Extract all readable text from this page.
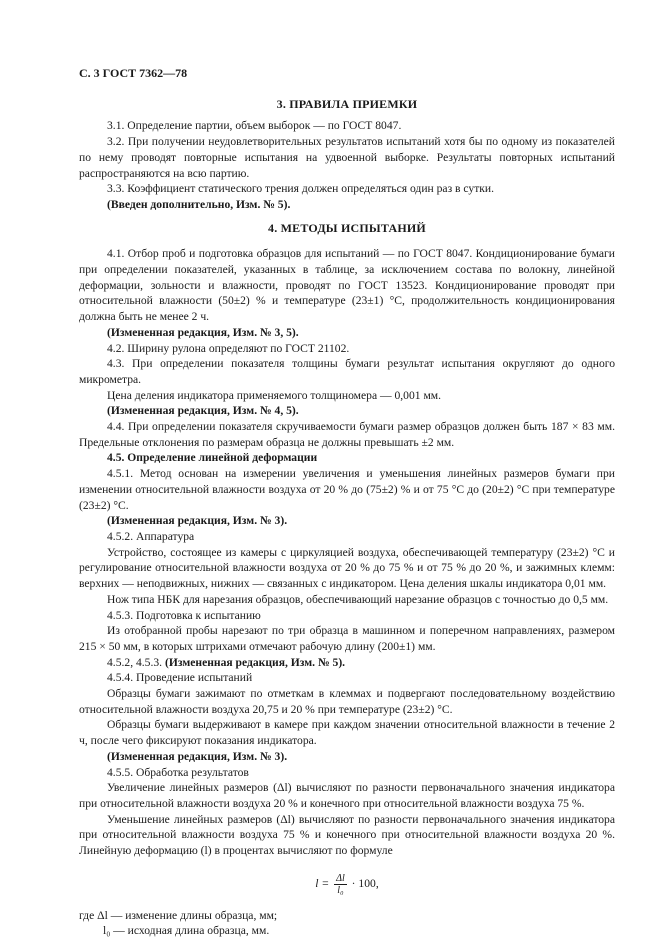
С. 3 ГОСТ 7362—78
3. ПРАВИЛА ПРИЕМКИ

3.1. Определение партии, объем выборок — по ГОСТ 8047.

3.2. При получении неудовлетворительных результатов испытаний хотя бы по одному из показателей по нему проводят повторные испытания на удвоенной выборке. Результаты повторных испытаний распространяются на всю партию.

3.3. Коэффициент статического трения должен определяться один раз в сутки.

(Введен дополнительно, Изм. № 5).

4. МЕТОДЫ ИСПЫТАНИЙ

4.1. Отбор проб и подготовка образцов для испытаний — по ГОСТ 8047. Кондиционирование бумаги при определении показателей, указанных в таблице, за исключением состава по волокну, линейной деформации, зольности и влажности, проводят по ГОСТ 13523. Кондиционирование проводят при относительной влажности (50±2) % и температуре (23±1) °С, продолжительность кондиционирования должна быть не менее 2 ч.

(Измененная редакция, Изм. № 3, 5).

4.2. Ширину рулона определяют по ГОСТ 21102.

4.3. При определении показателя толщины бумаги результат испытания округляют до одного микрометра.

Цена деления индикатора применяемого толщиномера — 0,001 мм.

(Измененная редакция, Изм. № 4, 5).

4.4. При определении показателя скручиваемости бумаги размер образцов должен быть 187 × 83 мм. Предельные отклонения по размерам образца не должны превышать ±2 мм.

4.5. Определение линейной деформации

4.5.1. Метод основан на измерении увеличения и уменьшения линейных размеров бумаги при изменении относительной влажности воздуха от 20 % до (75±2) % и от 75 °С до (20±2) °С при температуре (23±2) °С.

(Измененная редакция, Изм. № 3).

4.5.2. Аппаратура

Устройство, состоящее из камеры с циркуляцией воздуха, обеспечивающей температуру (23±2) °С и регулирование относительной влажности воздуха от 20 % до 75 % и от 75 % до 20 %, и зажимных клемм: верхних — неподвижных, нижних — связанных с индикатором. Цена деления шкалы индикатора 0,01 мм.

Нож типа НБК для нарезания образцов, обеспечивающий нарезание образцов с точностью до 0,5 мм.

4.5.3. Подготовка к испытанию

Из отобранной пробы нарезают по три образца в машинном и поперечном направлениях, размером 215 × 50 мм, в которых штрихами отмечают рабочую длину (200±1) мм.

4.5.2, 4.5.3. (Измененная редакция, Изм. № 5).

4.5.4. Проведение испытаний

Образцы бумаги зажимают по отметкам в клеммах и подвергают последовательному воздействию относительной влажности воздуха 20,75 и 20 % при температуре (23±2) °С.

Образцы бумаги выдерживают в камере при каждом значении относительной влажности в течение 2 ч, после чего фиксируют показания индикатора.

(Измененная редакция, Изм. № 3).

4.5.5. Обработка результатов

Увеличение линейных размеров (Δl) вычисляют по разности первоначального значения индикатора при относительной влажности воздуха 20 % и конечного при относительной влажности воздуха 75 %.

Уменьшение линейных размеров (Δl) вычисляют по разности первоначального значения индикатора при относительной влажности воздуха 75 % и конечного при относительной влажности воздуха 20 %. Линейную деформацию (l) в процентах вычисляют по формуле

$l = \frac{\Delta l}{\text{l₀}} \cdot 100$,

где Δl — изменение длины образца, мм;

l₀ — исходная длина образца, мм.
